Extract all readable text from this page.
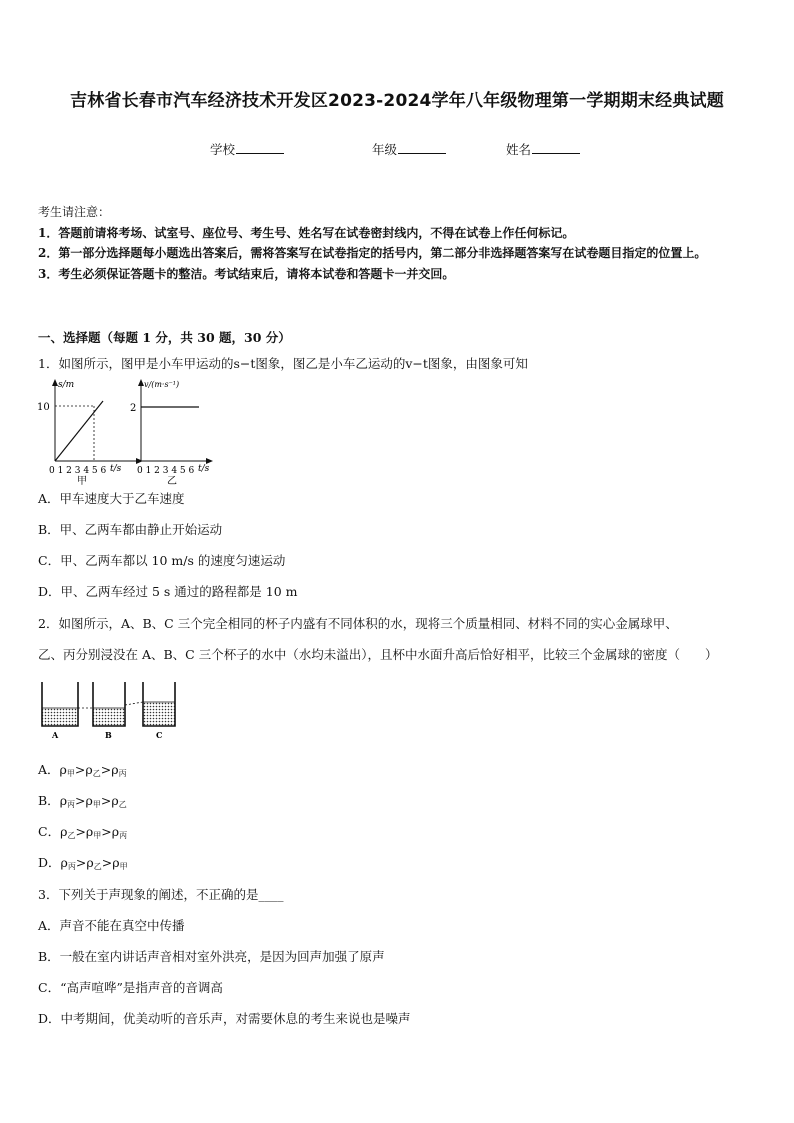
吉林省长春市汽车经济技术开发区2023-2024学年八年级物理第一学期期末经典试题
学校	年级	姓名
考生请注意：
1．答题前请将考场、试室号、座位号、考生号、姓名写在试卷密封线内，不得在试卷上作任何标记。
2．第一部分选择题每小题选出答案后，需将答案写在试卷指定的括号内，第二部分非选择题答案写在试卷题目指定的位置上。
3．考生必须保证答题卡的整洁。考试结束后，请将本试卷和答题卡一并交回。
一、选择题（每题 1 分，共 30 题，30 分）
1．如图所示，图甲是小车甲运动的s−t图象，图乙是小车乙运动的v−t图象，由图象可知
s/m
10
0 1 2 3 4 5 6 t/s
甲
v/(m·s⁻¹)
2
0 1 2 3 4 5 6 t/s
乙
A．甲车速度大于乙车速度
B．甲、乙两车都由静止开始运动
C．甲、乙两车都以 10 m/s 的速度匀速运动
D．甲、乙两车经过 5 s 通过的路程都是 10 m
2．如图所示，A、B、C 三个完全相同的杯子内盛有不同体积的水，现将三个质量相同、材料不同的实心金属球甲、
乙、丙分别浸没在 A、B、C 三个杯子的水中（水均未溢出），且杯中水面升高后恰好相平，比较三个金属球的密度（　　）
A	B	C
A．$\rho_甲>\rho_乙>\rho_丙$
B．$\rho_丙>\rho_甲>\rho_乙$
C．$\rho_乙>\rho_甲>\rho_丙$
D．$\rho_丙>\rho_乙>\rho_甲$
3．下列关于声现象的阐述，不正确的是____
A．声音不能在真空中传播
B．一般在室内讲话声音相对室外洪亮，是因为回声加强了原声
C．“高声喧哗”是指声音的音调高
D．中考期间，优美动听的音乐声，对需要休息的考生来说也是噪声
